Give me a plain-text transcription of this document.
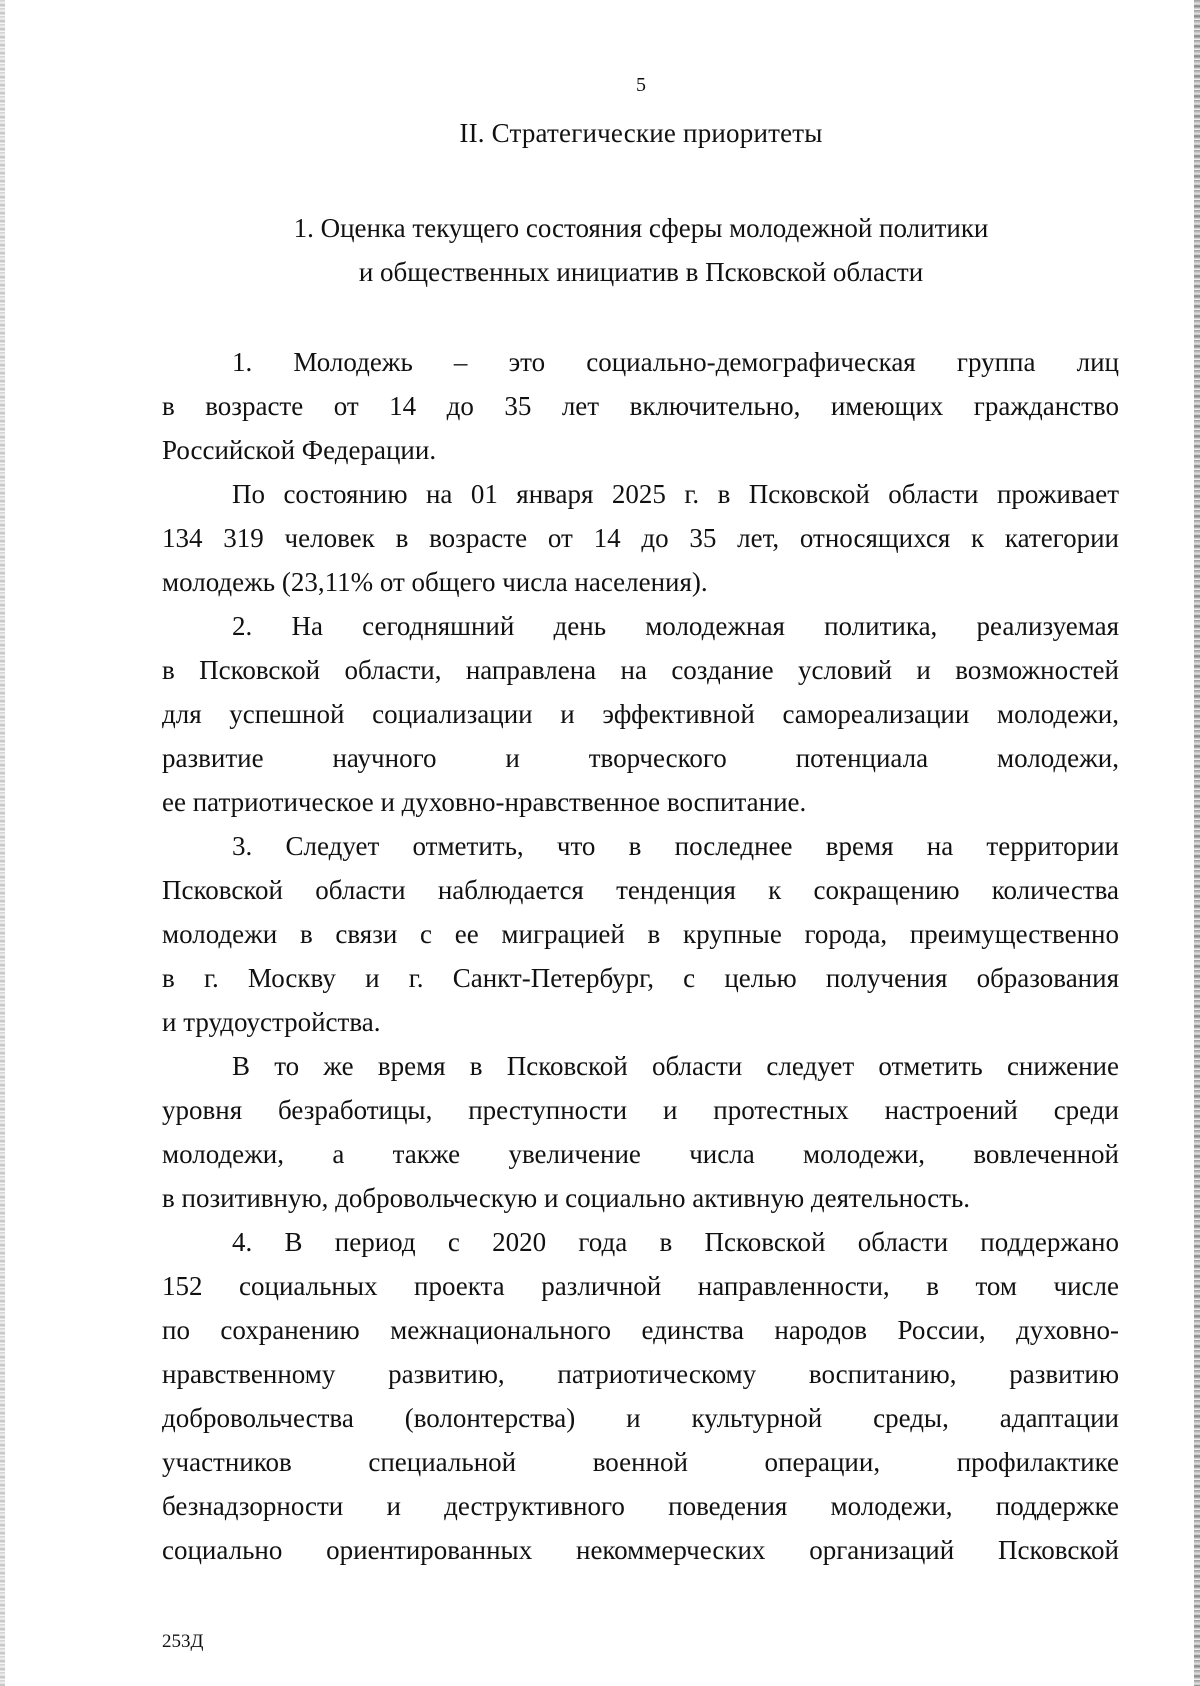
5
II. Стратегические приоритеты
1. Оценка текущего состояния сферы молодежной политики
и общественных инициатив в Псковской области
1. Молодежь – это социально-демографическая группа лиц
в возрасте от 14 до 35 лет включительно, имеющих гражданство
Российской Федерации.
По состоянию на 01 января 2025 г. в Псковской области проживает
134 319 человек в возрасте от 14 до 35 лет, относящихся к категории
молодежь (23,11% от общего числа населения).
2. На сегодняшний день молодежная политика, реализуемая
в Псковской области, направлена на создание условий и возможностей
для успешной социализации и эффективной самореализации молодежи,
развитие научного и творческого потенциала молодежи,
ее патриотическое и духовно-нравственное воспитание.
3. Следует отметить, что в последнее время на территории
Псковской области наблюдается тенденция к сокращению количества
молодежи в связи с ее миграцией в крупные города, преимущественно
в г. Москву и г. Санкт-Петербург, с целью получения образования
и трудоустройства.
В то же время в Псковской области следует отметить снижение
уровня безработицы, преступности и протестных настроений среди
молодежи, а также увеличение числа молодежи, вовлеченной
в позитивную, добровольческую и социально активную деятельность.
4. В период с 2020 года в Псковской области поддержано
152 социальных проекта различной направленности, в том числе
по сохранению межнационального единства народов России, духовно-
нравственному развитию, патриотическому воспитанию, развитию
добровольчества (волонтерства) и культурной среды, адаптации
участников специальной военной операции, профилактике
безнадзорности и деструктивного поведения молодежи, поддержке
социально ориентированных некоммерческих организаций Псковской
253Д
